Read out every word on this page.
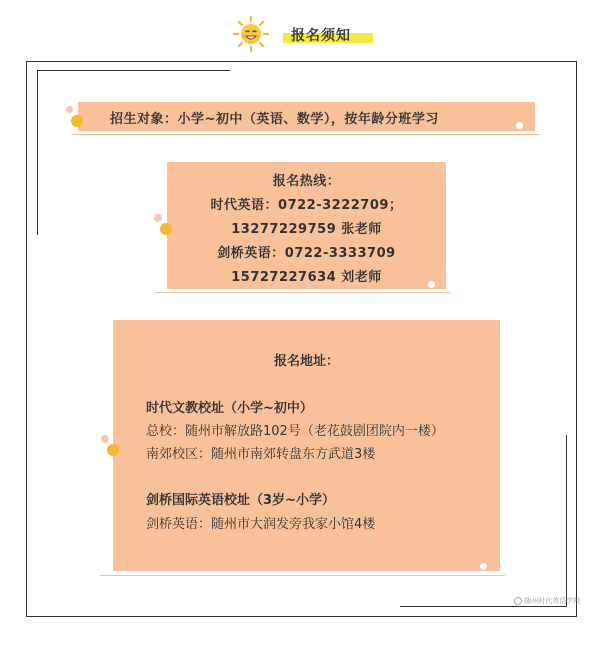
报名须知
招生对象：小学~初中（英语、数学），按年龄分班学习
报名热线：
时代英语：0722-3222709；
13277229759 张老师
剑桥英语：0722-3333709
15727227634 刘老师
报名地址：
时代文教校址（小学~初中）
总校：随州市解放路102号（老花鼓剧团院内一楼）
南郊校区：随州市南郊转盘东方武道3楼
剑桥国际英语校址（3岁~小学）
剑桥英语：随州市大润发旁我家小馆4楼
随州时代英语学校
